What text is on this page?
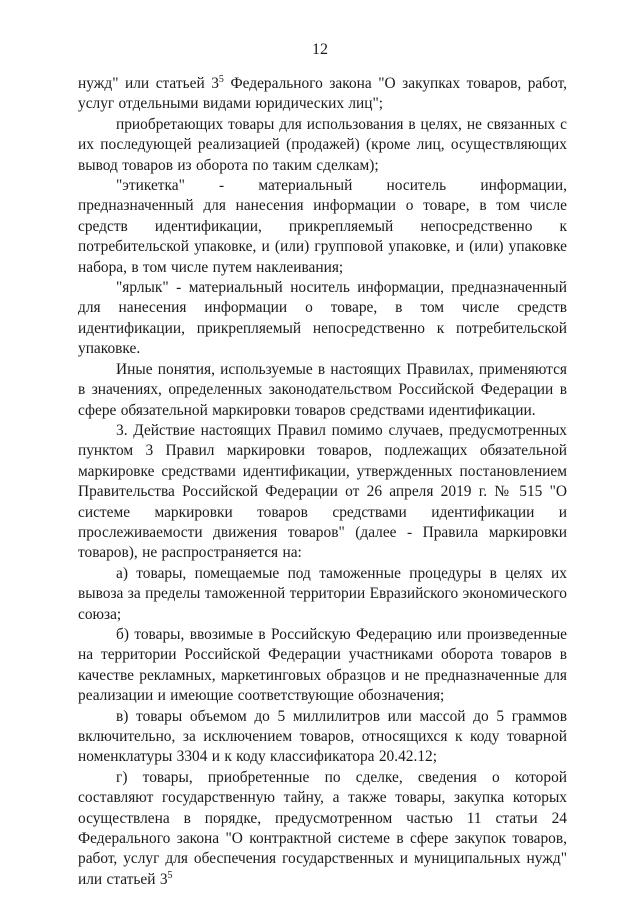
12

нужд" или статьей $3^5$ Федерального закона "О закупках товаров, работ, услуг отдельными видами юридических лиц";

приобретающих товары для использования в целях, не связанных с их последующей реализацией (продажей) (кроме лиц, осуществляющих вывод товаров из оборота по таким сделкам);

"этикетка" - материальный носитель информации, предназначенный для нанесения информации о товаре, в том числе средств идентификации, прикрепляемый непосредственно к потребительской упаковке, и (или) групповой упаковке, и (или) упаковке набора, в том числе путем наклеивания;

"ярлык" - материальный носитель информации, предназначенный для нанесения информации о товаре, в том числе средств идентификации, прикрепляемый непосредственно к потребительской упаковке.

Иные понятия, используемые в настоящих Правилах, применяются в значениях, определенных законодательством Российской Федерации в сфере обязательной маркировки товаров средствами идентификации.

3. Действие настоящих Правил помимо случаев, предусмотренных пунктом 3 Правил маркировки товаров, подлежащих обязательной маркировке средствами идентификации, утвержденных постановлением Правительства Российской Федерации от 26 апреля 2019 г. № 515 "О системе маркировки товаров средствами идентификации и прослеживаемости движения товаров" (далее - Правила маркировки товаров), не распространяется на:

а) товары, помещаемые под таможенные процедуры в целях их вывоза за пределы таможенной территории Евразийского экономического союза;

б) товары, ввозимые в Российскую Федерацию или произведенные на территории Российской Федерации участниками оборота товаров в качестве рекламных, маркетинговых образцов и не предназначенные для реализации и имеющие соответствующие обозначения;

в) товары объемом до 5 миллилитров или массой до 5 граммов включительно, за исключением товаров, относящихся к коду товарной номенклатуры 3304 и к коду классификатора 20.42.12;

г) товары, приобретенные по сделке, сведения о которой составляют государственную тайну, а также товары, закупка которых осуществлена в порядке, предусмотренном частью 11 статьи 24 Федерального закона "О контрактной системе в сфере закупок товаров, работ, услуг для обеспечения государственных и муниципальных нужд" или статьей $3^5$
